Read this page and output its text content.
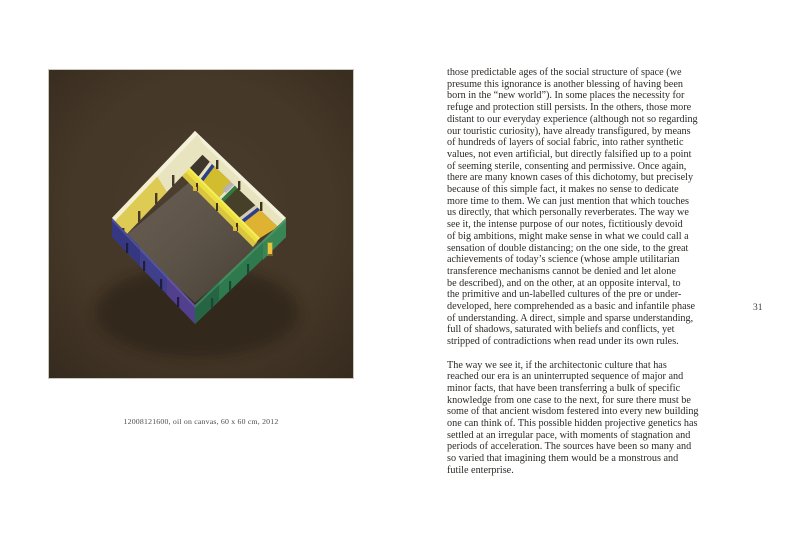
12008121600, oil on canvas, 60 x 60 cm, 2012
those predictable ages of the social structure of space (we
presume this ignorance is another blessing of having been
born in the “new world”). In some places the necessity for
refuge and protection still persists. In the others, those more
distant to our everyday experience (although not so regarding
our touristic curiosity), have already transfigured, by means
of hundreds of layers of social fabric, into rather synthetic
values, not even artificial, but directly falsified up to a point
of seeming sterile, consenting and permissive. Once again,
there are many known cases of this dichotomy, but precisely
because of this simple fact, it makes no sense to dedicate
more time to them. We can just mention that which touches
us directly, that which personally reverberates. The way we
see it, the intense purpose of our notes, fictitiously devoid
of big ambitions, might make sense in what we could call a
sensation of double distancing; on the one side, to the great
achievements of today’s science (whose ample utilitarian
transference mechanisms cannot be denied and let alone
be described), and on the other, at an opposite interval, to
the primitive and un-labelled cultures of the pre or under-
developed, here comprehended as a basic and infantile phase
of understanding. A direct, simple and sparse understanding,
full of shadows, saturated with beliefs and conflicts, yet
stripped of contradictions when read under its own rules.
The way we see it, if the architectonic culture that has
reached our era is an uninterrupted sequence of major and
minor facts, that have been transferring a bulk of specific
knowledge from one case to the next, for sure there must be
some of that ancient wisdom festered into every new building
one can think of. This possible hidden projective genetics has
settled at an irregular pace, with moments of stagnation and
periods of acceleration. The sources have been so many and
so varied that imagining them would be a monstrous and
futile enterprise.
31
